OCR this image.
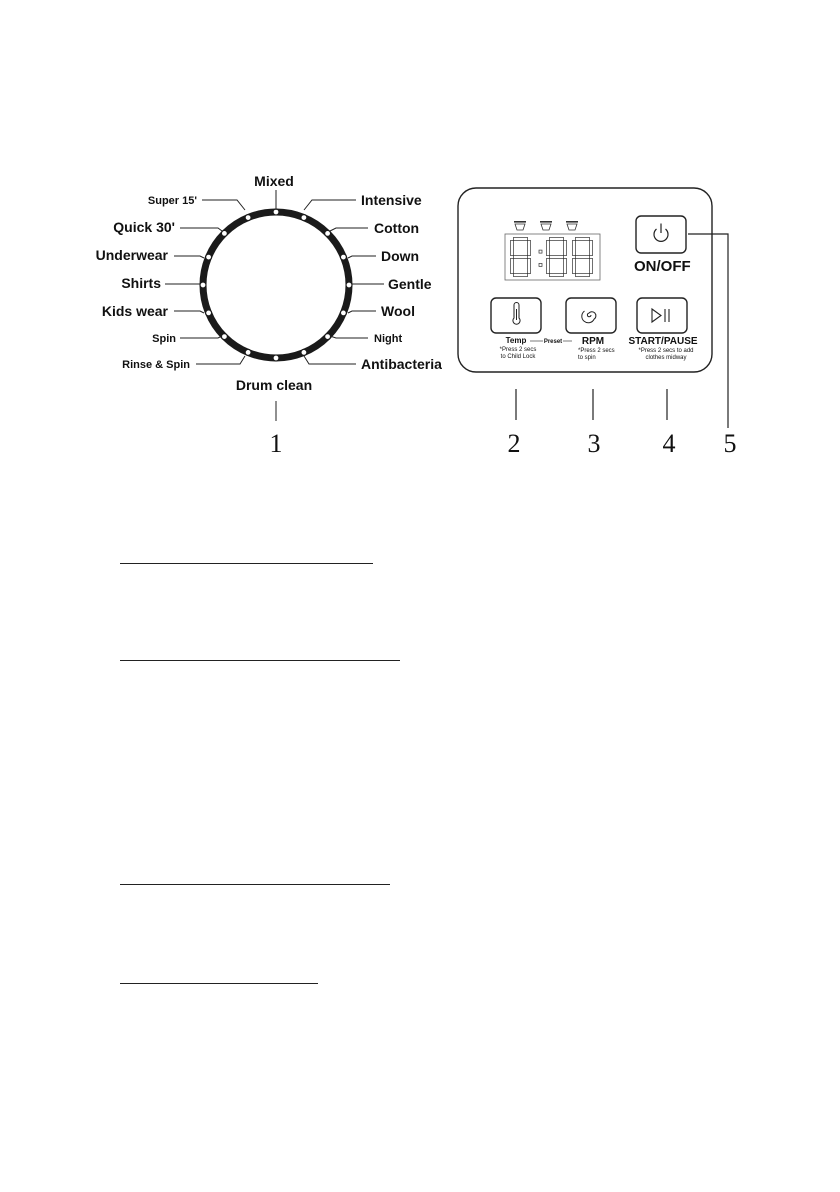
Mixed
Intensive
Cotton
Down
Gentle
Wool
Night
Antibacteria
Drum clean
Rinse & Spin
Spin
Kids wear
Shirts
Underwear
Quick 30'
Super 15'
ON/OFF
Temp	Preset
*Press 2 secs
to Child Lock
RPM
*Press 2 secs
to spin
START/PAUSE
*Press 2 secs to add
clothes midway
1	2	3 4 5
